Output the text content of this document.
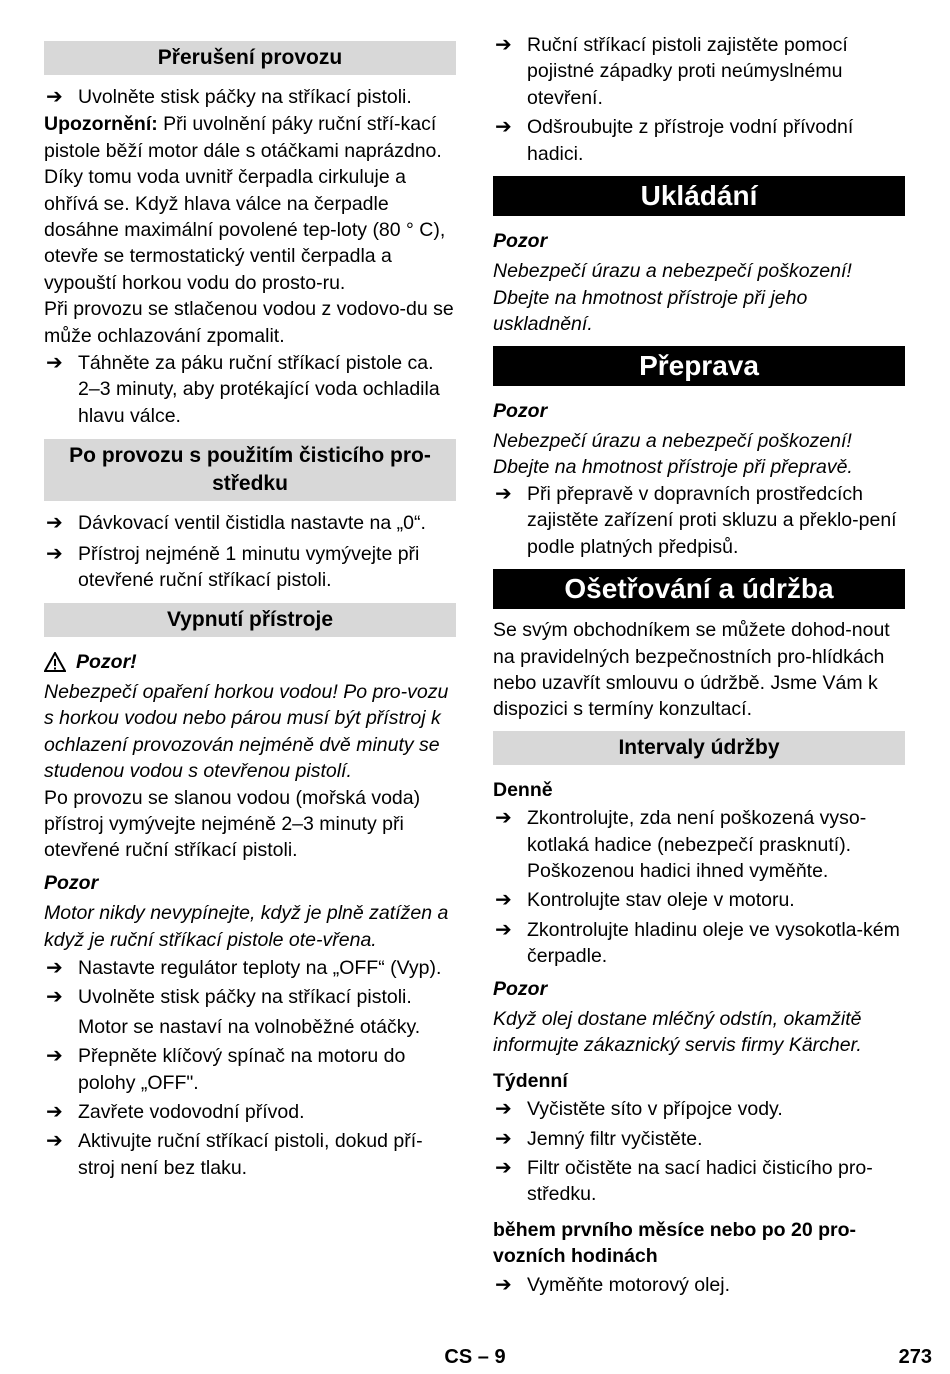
Přerušení provozu
➔ Uvolněte stisk páčky na stříkací pistoli.
Upozornění: Při uvolnění páky ruční stří-kací pistole běží motor dále s otáčkami naprázdno. Díky tomu voda uvnitř čerpadla cirkuluje a ohřívá se. Když hlava válce na čerpadle dosáhne maximální povolené tep-loty (80 ° C), otevře se termostatický ventil čerpadla a vypouští horkou vodu do prosto-ru.
Při provozu se stlačenou vodou z vodovo-du se může ochlazování zpomalit.
➔ Táhněte za páku ruční stříkací pistole ca. 2–3 minuty, aby protékající voda ochladila hlavu válce.
Po provozu s použitím čisticího pro-středku
➔ Dávkovací ventil čistidla nastavte na „0“.
➔ Přístroj nejméně 1 minutu vymývejte při otevřené ruční stříkací pistoli.
Vypnutí přístroje
Pozor!
Nebezpečí opaření horkou vodou! Po pro-vozu s horkou vodou nebo párou musí být přístroj k ochlazení provozován nejméně dvě minuty se studenou vodou s otevřenou pistolí.
Po provozu se slanou vodou (mořská voda) přístroj vymývejte nejméně 2–3 minuty při otevřené ruční stříkací pistoli.
Pozor
Motor nikdy nevypínejte, když je plně zatížen a když je ruční stříkací pistole ote-vřena.
➔ Nastavte regulátor teploty na „OFF“ (Vyp).
➔ Uvolněte stisk páčky na stříkací pistoli.
Motor se nastaví na volnoběžné otáčky.
➔ Přepněte klíčový spínač na motoru do polohy „OFF".
➔ Zavřete vodovodní přívod.
➔ Aktivujte ruční stříkací pistoli, dokud pří-stroj není bez tlaku.
➔ Ruční stříkací pistoli zajistěte pomocí pojistné západky proti neúmyslnému otevření.
➔ Odšroubujte z přístroje vodní přívodní hadici.
Ukládání
Pozor
Nebezpečí úrazu a nebezpečí poškození! Dbejte na hmotnost přístroje při jeho uskladnění.
Přeprava
Pozor
Nebezpečí úrazu a nebezpečí poškození! Dbejte na hmotnost přístroje při přepravě.
➔ Při přepravě v dopravních prostředcích zajistěte zařízení proti skluzu a překlo-pení podle platných předpisů.
Ošetřování a údržba
Se svým obchodníkem se můžete dohod-nout na pravidelných bezpečnostních pro-hlídkách nebo uzavřít smlouvu o údržbě. Jsme Vám k dispozici s termíny konzultací.
Intervaly údržby
Denně
➔ Zkontrolujte, zda není poškozená vyso-kotlaká hadice (nebezpečí prasknutí). Poškozenou hadici ihned vyměňte.
➔ Kontrolujte stav oleje v motoru.
➔ Zkontrolujte hladinu oleje ve vysokotla-kém čerpadle.
Pozor
Když olej dostane mléčný odstín, okamžitě informujte zákaznický servis firmy Kärcher.
Týdenní
➔ Vyčistěte síto v přípojce vody.
➔ Jemný filtr vyčistěte.
➔ Filtr očistěte na sací hadici čisticího pro-středku.
během prvního měsíce nebo po 20 pro-vozních hodinách
➔ Vyměňte motorový olej.
CS – 9	273
